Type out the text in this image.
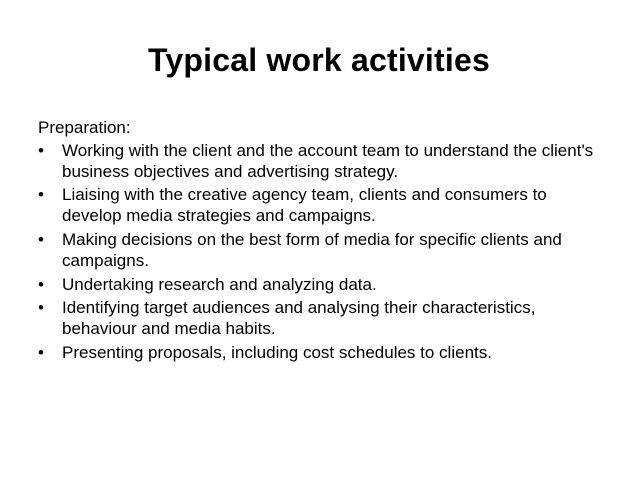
Typical work activities

Preparation:

•	Working with the client and the account team to understand the client's business objectives and advertising strategy.
•	Liaising with the creative agency team, clients and consumers to develop media strategies and campaigns.
•	Making decisions on the best form of media for specific clients and campaigns.
•	Undertaking research and analyzing data.
•	Identifying target audiences and analysing their characteristics, behaviour and media habits.
•	Presenting proposals, including cost schedules to clients.
